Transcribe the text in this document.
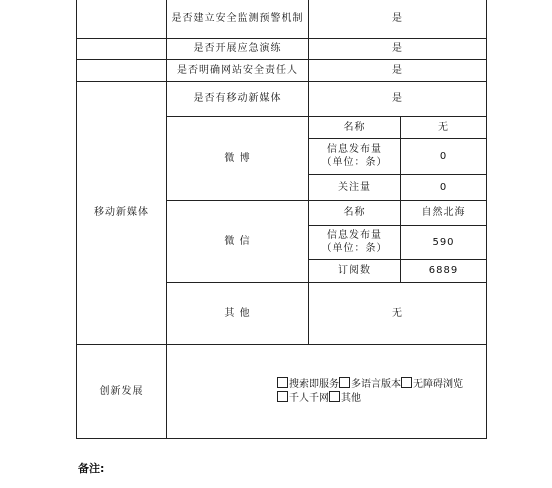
	是否建立安全监测预警机制	是	
	是否开展应急演练	是	
	是否明确网站安全责任人	是	
移动新媒体	是否有移动新媒体	是	
	微 博	名称	无
		信息发布量（单位：条）	0
		关注量	0
	微 信	名称	自然北海
		信息发布量（单位：条）	590
		订阅数	6889
	其 他	无	
创新发展	搜索即服务 多语言版本 无障碍浏览千人千网 其他		
备注:
